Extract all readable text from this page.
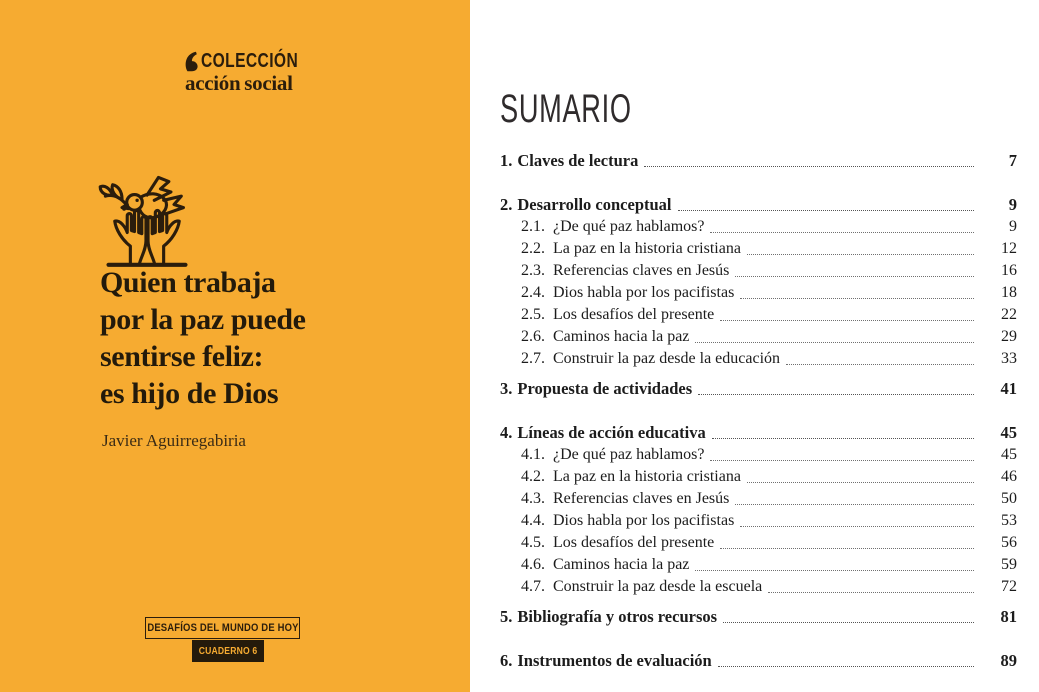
COLECCIÓN
acción social
Quien trabaja
por la paz puede
sentirse feliz:
es hijo de Dios
Javier Aguirregabiria
DESAFÍOS DEL MUNDO DE HOY
CUADERNO 6
SUMARIO
1. Claves de lectura	7
2. Desarrollo conceptual	9
2.1. ¿De qué paz hablamos?	9
2.2. La paz en la historia cristiana	12
2.3. Referencias claves en Jesús	16
2.4. Dios habla por los pacifistas	18
2.5. Los desafíos del presente	22
2.6. Caminos hacia la paz	29
2.7. Construir la paz desde la educación	33
3. Propuesta de actividades	41
4. Líneas de acción educativa	45
4.1. ¿De qué paz hablamos?	45
4.2. La paz en la historia cristiana	46
4.3. Referencias claves en Jesús	50
4.4. Dios habla por los pacifistas	53
4.5. Los desafíos del presente	56
4.6. Caminos hacia la paz	59
4.7. Construir la paz desde la escuela	72
5. Bibliografía y otros recursos	81
6. Instrumentos de evaluación	89
